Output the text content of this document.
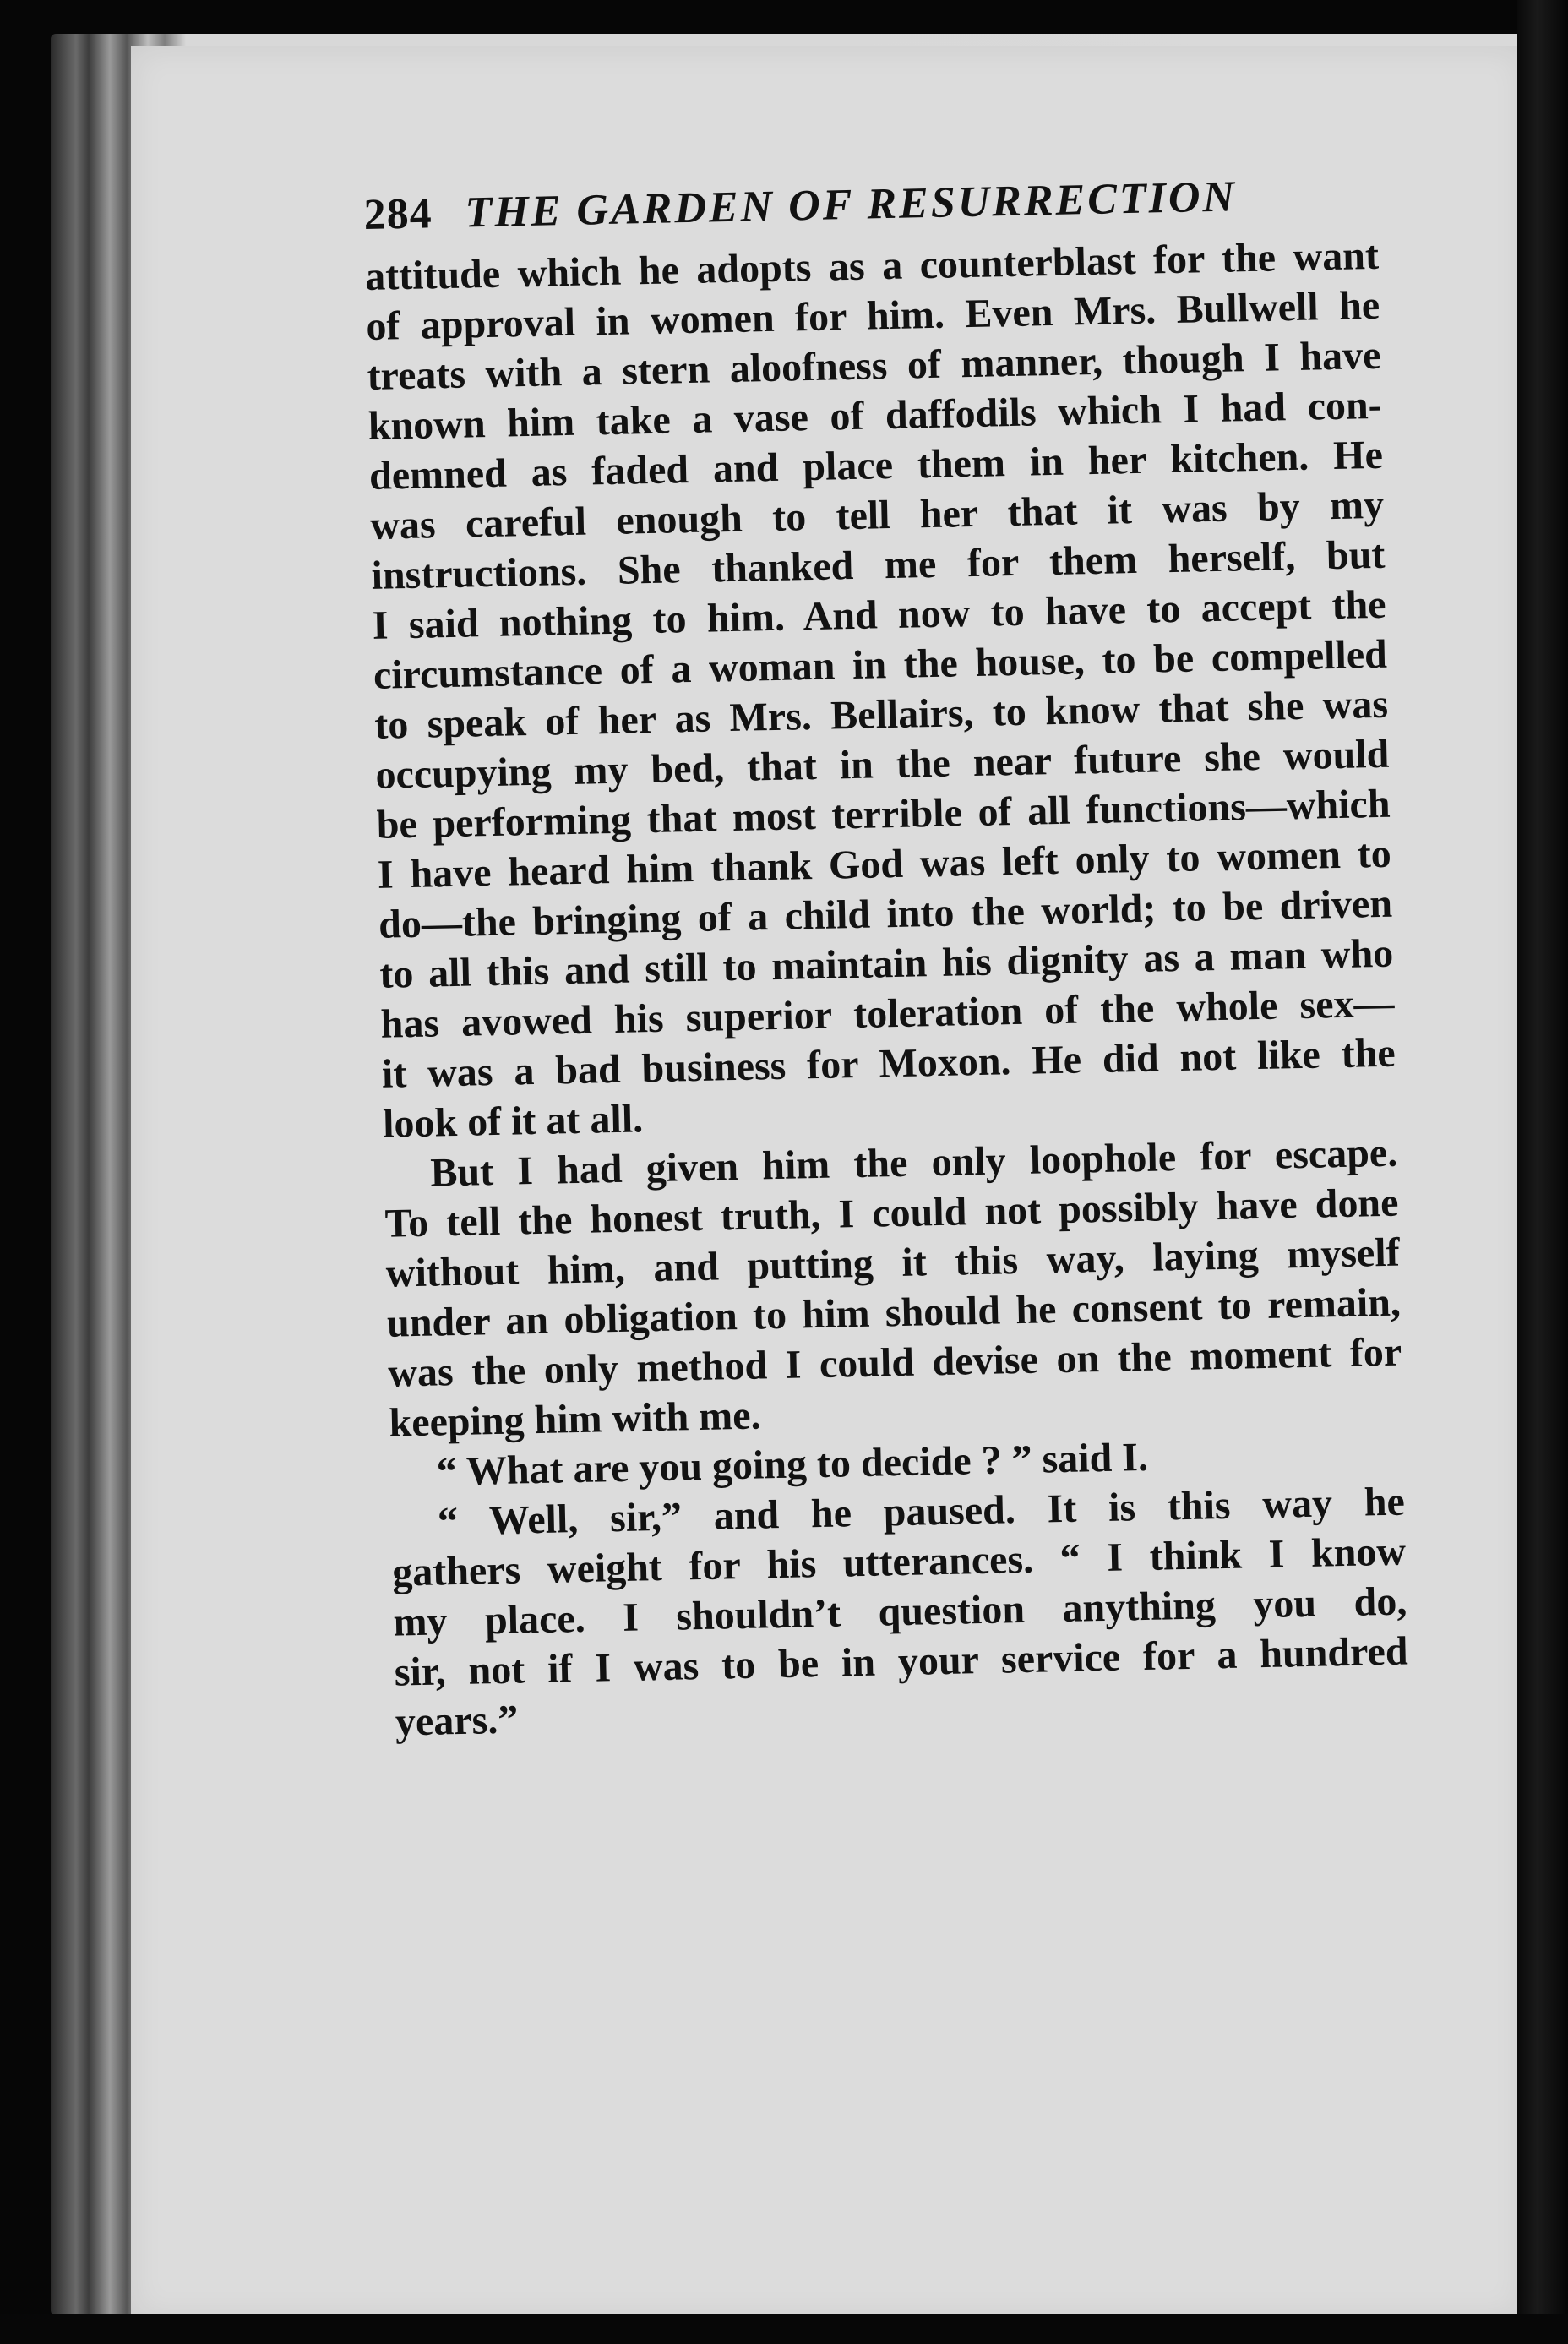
284 THE GARDEN OF RESURRECTION
attitude which he adopts as a counterblast for the want
of approval in women for him. Even Mrs. Bullwell he
treats with a stern aloofness of manner, though I have
known him take a vase of daffodils which I had con-
demned as faded and place them in her kitchen. He
was careful enough to tell her that it was by my
instructions. She thanked me for them herself, but
I said nothing to him. And now to have to accept the
circumstance of a woman in the house, to be compelled
to speak of her as Mrs. Bellairs, to know that she was
occupying my bed, that in the near future she would
be performing that most terrible of all functions—which
I have heard him thank God was left only to women to
do—the bringing of a child into the world; to be driven
to all this and still to maintain his dignity as a man who
has avowed his superior toleration of the whole sex—
it was a bad business for Moxon. He did not like the
look of it at all.
But I had given him the only loophole for escape.
To tell the honest truth, I could not possibly have done
without him, and putting it this way, laying myself
under an obligation to him should he consent to remain,
was the only method I could devise on the moment for
keeping him with me.
“ What are you going to decide ? ” said I.
“ Well, sir,” and he paused. It is this way he
gathers weight for his utterances. “ I think I know
my place. I shouldn’t question anything you do,
sir, not if I was to be in your service for a hundred
years.”
